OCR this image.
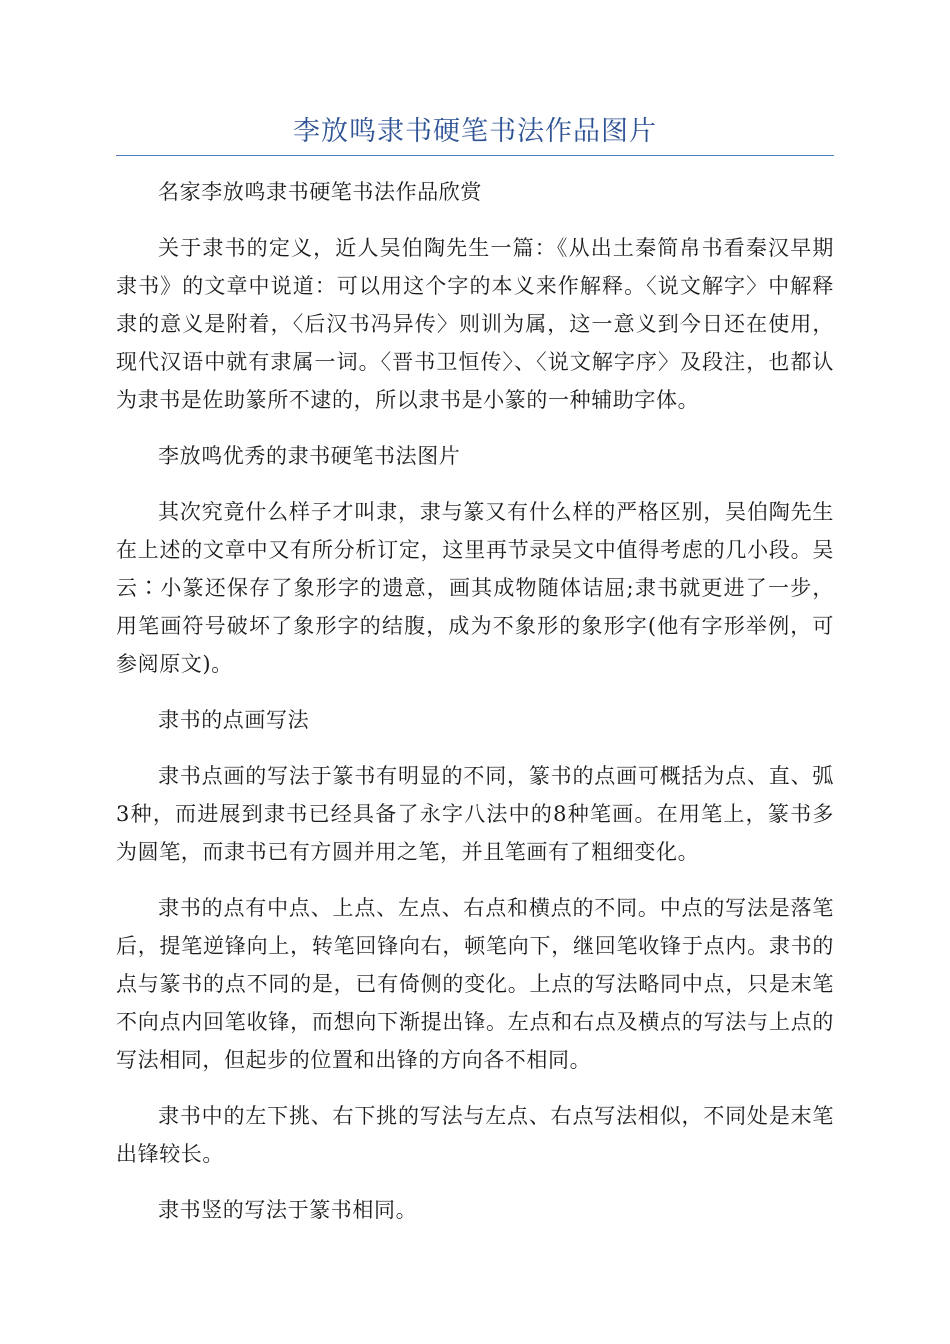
李放鸣隶书硬笔书法作品图片

名家李放鸣隶书硬笔书法作品欣赏

关于隶书的定义，近人吴伯陶先生一篇：《从出土秦简帛书看秦汉早期隶书》的文章中说道：可以用这个字的本义来作解释。〈说文解字〉中解释隶的意义是附着，〈后汉书冯异传〉则训为属，这一意义到今日还在使用，现代汉语中就有隶属一词。〈晋书卫恒传〉、〈说文解字序〉及段注，也都认为隶书是佐助篆所不逮的，所以隶书是小篆的一种辅助字体。

李放鸣优秀的隶书硬笔书法图片

其次究竟什么样子才叫隶，隶与篆又有什么样的严格区别，吴伯陶先生在上述的文章中又有所分析订定，这里再节录吴文中值得考虑的几小段。吴云∶小篆还保存了象形字的遗意，画其成物随体诘屈;隶书就更进了一步，用笔画符号破坏了象形字的结腹，成为不象形的象形字(他有字形举例，可参阅原文)。

隶书的点画写法

隶书点画的写法于篆书有明显的不同，篆书的点画可概括为点、直、弧3种，而进展到隶书已经具备了永字八法中的8种笔画。在用笔上，篆书多为圆笔，而隶书已有方圆并用之笔，并且笔画有了粗细变化。

隶书的点有中点、上点、左点、右点和横点的不同。中点的写法是落笔后，提笔逆锋向上，转笔回锋向右，顿笔向下，继回笔收锋于点内。隶书的点与篆书的点不同的是，已有倚侧的变化。上点的写法略同中点，只是末笔不向点内回笔收锋，而想向下渐提出锋。左点和右点及横点的写法与上点的写法相同，但起步的位置和出锋的方向各不相同。

隶书中的左下挑、右下挑的写法与左点、右点写法相似，不同处是末笔出锋较长。

隶书竖的写法于篆书相同。
